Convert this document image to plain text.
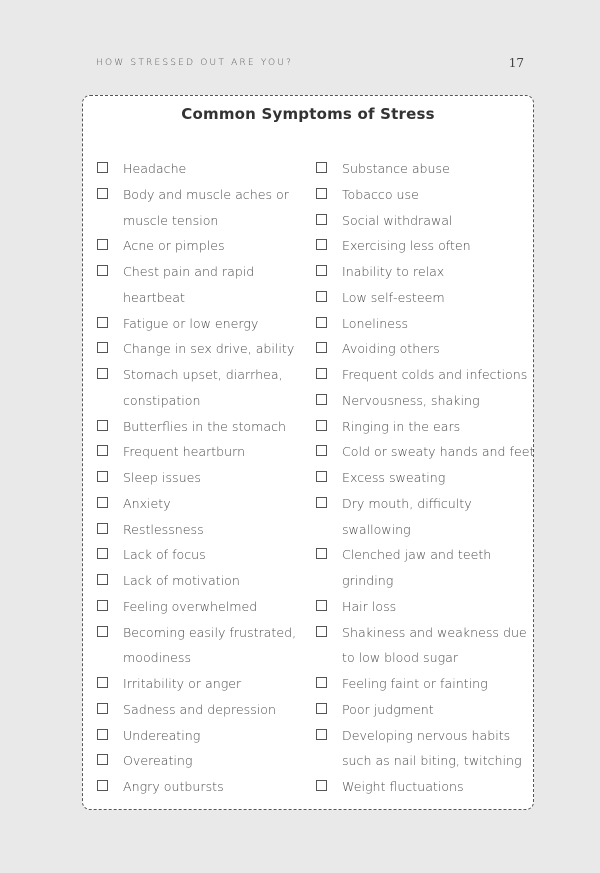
HOW STRESSED OUT ARE YOU?	17
Common Symptoms of Stress
Headache
Body and muscle aches or
muscle tension
Acne or pimples
Chest pain and rapid
heartbeat
Fatigue or low energy
Change in sex drive, ability
Stomach upset, diarrhea,
constipation
Butterflies in the stomach
Frequent heartburn
Sleep issues
Anxiety
Restlessness
Lack of focus
Lack of motivation
Feeling overwhelmed
Becoming easily frustrated,
moodiness
Irritability or anger
Sadness and depression
Undereating
Overeating
Angry outbursts
Substance abuse
Tobacco use
Social withdrawal
Exercising less often
Inability to relax
Low self-esteem
Loneliness
Avoiding others
Frequent colds and infections
Nervousness, shaking
Ringing in the ears
Cold or sweaty hands and feet
Excess sweating
Dry mouth, difficulty
swallowing
Clenched jaw and teeth
grinding
Hair loss
Shakiness and weakness due
to low blood sugar
Feeling faint or fainting
Poor judgment
Developing nervous habits
such as nail biting, twitching
Weight fluctuations
